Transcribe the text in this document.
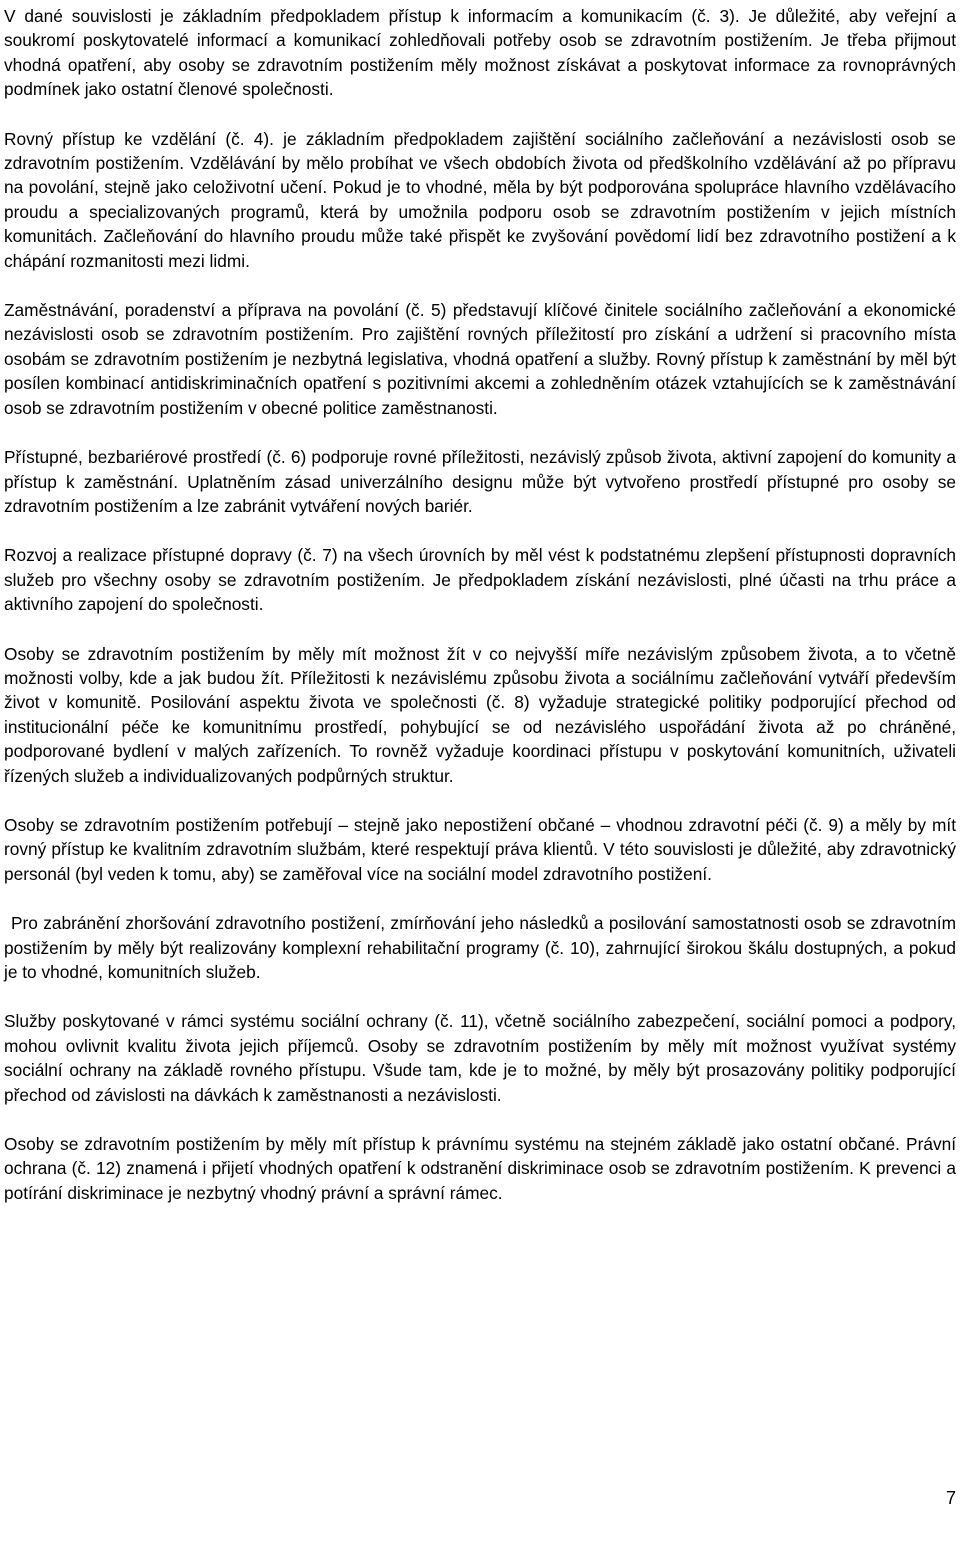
V dané souvislosti je základním předpokladem přístup k informacím a komunikacím (č. 3). Je důležité, aby veřejní a soukromí poskytovatelé informací a komunikací zohledňovali potřeby osob se zdravotním postižením. Je třeba přijmout vhodná opatření, aby osoby se zdravotním postižením měly možnost získávat a poskytovat informace za rovnoprávných podmínek jako ostatní členové společnosti.

Rovný přístup ke vzdělání (č. 4). je základním předpokladem zajištění sociálního začleňování a nezávislosti osob se zdravotním postižením. Vzdělávání by mělo probíhat ve všech obdobích života od předškolního vzdělávání až po přípravu na povolání, stejně jako celoživotní učení. Pokud je to vhodné, měla by být podporována spolupráce hlavního vzdělávacího proudu a specializovaných programů, která by umožnila podporu osob se zdravotním postižením v jejich místních komunitách. Začleňování do hlavního proudu může také přispět ke zvyšování povědomí lidí bez zdravotního postižení a k chápání rozmanitosti mezi lidmi.

Zaměstnávání, poradenství a příprava na povolání (č. 5) představují klíčové činitele sociálního začleňování a ekonomické nezávislosti osob se zdravotním postižením. Pro zajištění rovných příležitostí pro získání a udržení si pracovního místa osobám se zdravotním postižením je nezbytná legislativa, vhodná opatření a služby. Rovný přístup k zaměstnání by měl být posílen kombinací antidiskriminačních opatření s pozitivními akcemi a zohledněním otázek vztahujících se k zaměstnávání osob se zdravotním postižením v obecné politice zaměstnanosti.

Přístupné, bezbariérové prostředí (č. 6) podporuje rovné příležitosti, nezávislý způsob života, aktivní zapojení do komunity a přístup k zaměstnání. Uplatněním zásad univerzálního designu může být vytvořeno prostředí přístupné pro osoby se zdravotním postižením a lze zabránit vytváření nových bariér.

Rozvoj a realizace přístupné dopravy (č. 7) na všech úrovních by měl vést k podstatnému zlepšení přístupnosti dopravních služeb pro všechny osoby se zdravotním postižením. Je předpokladem získání nezávislosti, plné účasti na trhu práce a aktivního zapojení do společnosti.

Osoby se zdravotním postižením by měly mít možnost žít v co nejvyšší míře nezávislým způsobem života, a to včetně možnosti volby, kde a jak budou žít. Příležitosti k nezávislému způsobu života a sociálnímu začleňování vytváří především život v komunitě. Posilování aspektu života ve společnosti (č. 8) vyžaduje strategické politiky podporující přechod od institucionální péče ke komunitnímu prostředí, pohybující se od nezávislého uspořádání života až po chráněné, podporované bydlení v malých zařízeních. To rovněž vyžaduje koordinaci přístupu v poskytování komunitních, uživateli řízených služeb a individualizovaných podpůrných struktur.

Osoby se zdravotním postižením potřebují – stejně jako nepostižení občané – vhodnou zdravotní péči (č. 9) a měly by mít rovný přístup ke kvalitním zdravotním službám, které respektují práva klientů. V této souvislosti je důležité, aby zdravotnický personál (byl veden k tomu, aby) se zaměřoval více na sociální model zdravotního postižení.

Pro zabránění zhoršování zdravotního postižení, zmírňování jeho následků a posilování samostatnosti osob se zdravotním postižením by měly být realizovány komplexní rehabilitační programy (č. 10), zahrnující širokou škálu dostupných, a pokud je to vhodné, komunitních služeb.

Služby poskytované v rámci systému sociální ochrany (č. 11), včetně sociálního zabezpečení, sociální pomoci a podpory, mohou ovlivnit kvalitu života jejich příjemců. Osoby se zdravotním postižením by měly mít možnost využívat systémy sociální ochrany na základě rovného přístupu. Všude tam, kde je to možné, by měly být prosazovány politiky podporující přechod od závislosti na dávkách k zaměstnanosti a nezávislosti.

Osoby se zdravotním postižením by měly mít přístup k právnímu systému na stejném základě jako ostatní občané. Právní ochrana (č. 12) znamená i přijetí vhodných opatření k odstranění diskriminace osob se zdravotním postižením. K prevenci a potírání diskriminace je nezbytný vhodný právní a správní rámec.

7
